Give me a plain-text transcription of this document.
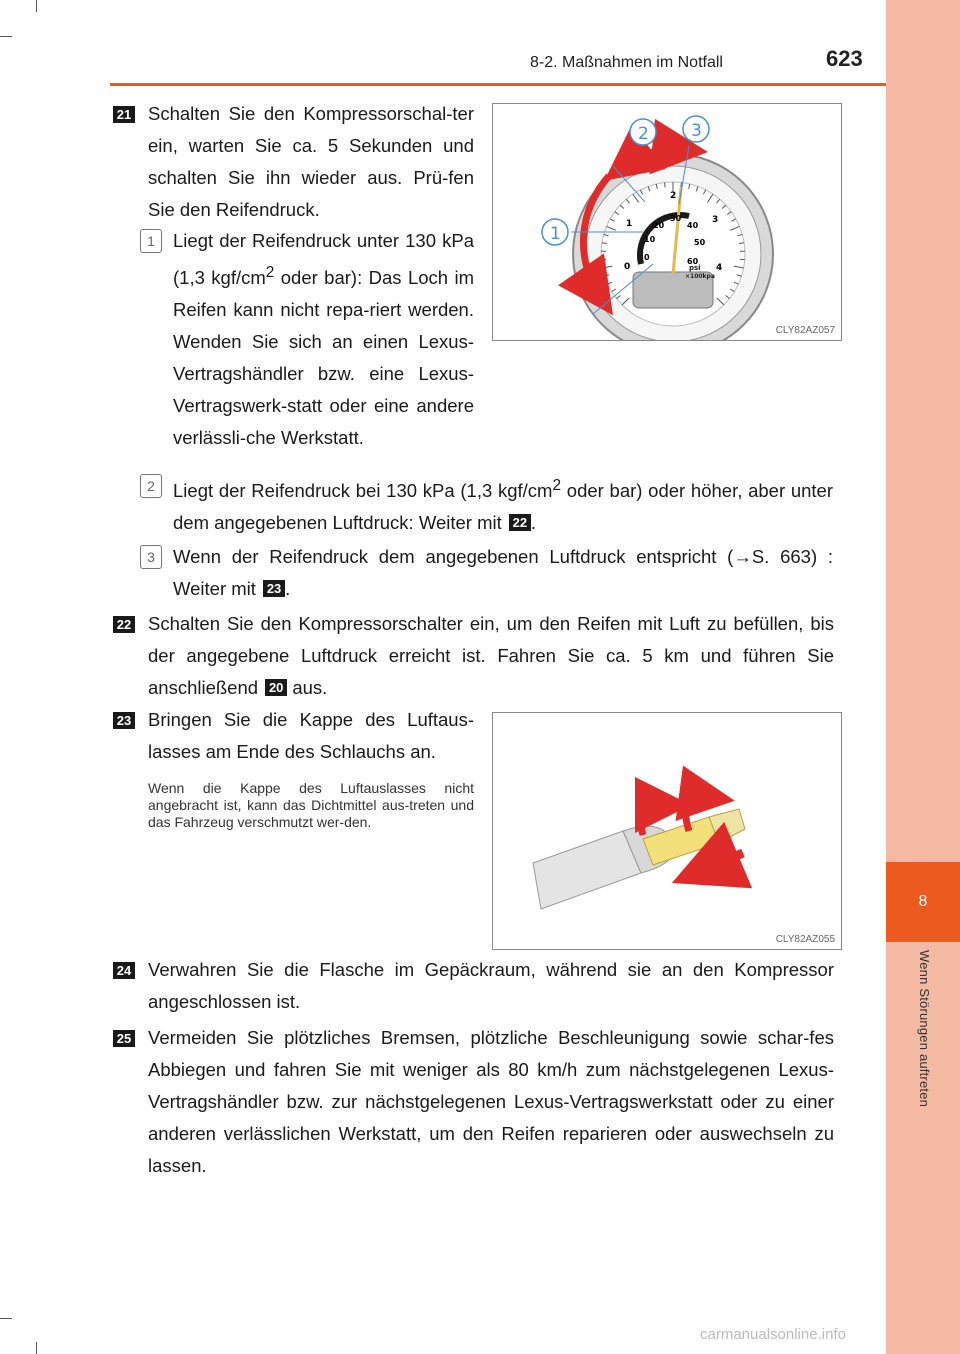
8
Wenn Störungen auftreten
8-2. Maßnahmen im Notfall	623
21 Schalten Sie den Kompressorschal-ter ein, warten Sie ca. 5 Sekunden und schalten Sie ihn wieder aus. Prü-fen Sie den Reifendruck.
1 Liegt der Reifendruck unter 130 kPa (1,3 kgf/$cm^2$ oder bar): Das Loch im Reifen kann nicht repa-riert werden. Wenden Sie sich an einen Lexus-Vertragshändler bzw. eine Lexus-Vertragswerk-statt oder eine andere verlässli-che Werkstatt.
psi
×100kpa
0
1
2
3
4
0
10
20
30
40
50
60
1
2 3
CLY82AZ057
2 Liegt der Reifendruck bei 130 kPa (1,3 kgf/$cm^2$ oder bar) oder höher, aber unter dem angegebenen Luftdruck: Weiter mit 22 .
3 Wenn der Reifendruck dem angegebenen Luftdruck entspricht (→S. 663) : Weiter mit 23 .
22 Schalten Sie den Kompressorschalter ein, um den Reifen mit Luft zu befüllen, bis der angegebene Luftdruck erreicht ist. Fahren Sie ca. 5 km und führen Sie anschließend 20 aus.
23 Bringen Sie die Kappe des Luftaus-lasses am Ende des Schlauchs an.
Wenn die Kappe des Luftauslasses nicht angebracht ist, kann das Dichtmittel aus-treten und das Fahrzeug verschmutzt wer-den.
CLY82AZ055
24 Verwahren Sie die Flasche im Gepäckraum, während sie an den Kompressor angeschlossen ist.
25 Vermeiden Sie plötzliches Bremsen, plötzliche Beschleunigung sowie schar-fes Abbiegen und fahren Sie mit weniger als 80 km/h zum nächstgelegenen Lexus-Vertragshändler bzw. zur nächstgelegenen Lexus-Vertragswerkstatt oder zu einer anderen verlässlichen Werkstatt, um den Reifen reparieren oder auswechseln zu lassen.
carmanualsonline.info
